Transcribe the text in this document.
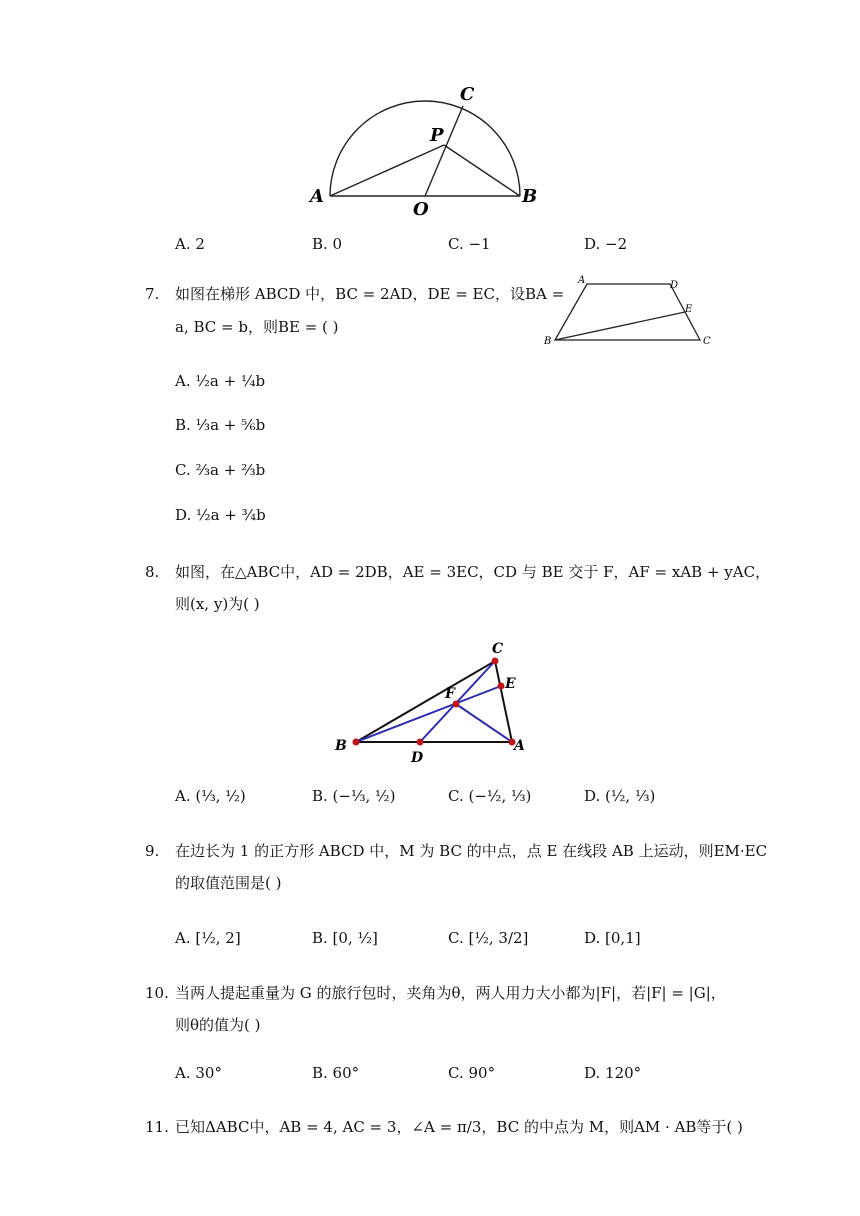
A	B
C
O
P
A. 2	B. 0	C. −1	D. −2
7. 如图在梯形 ABCD 中，BC = 2AD，DE = EC，设BA =
a, BC = b，则BE = ( )
A	D
E
B	C
A. ½a + ¼b
B. ⅓a + ⅚b
C. ⅔a + ⅔b
D. ½a + ¾b
8. 如图，在△ABC中，AD = 2DB，AE = 3EC，CD 与 BE 交于 F，AF = xAB + yAC，
则(x, y)为( )
A
B
C
D
E
F
A. (⅓, ½)	B. (−⅓, ½)	C. (−½, ⅓)	D. (½, ⅓)
9. 在边长为 1 的正方形 ABCD 中，M 为 BC 的中点，点 E 在线段 AB 上运动，则EM·EC
的取值范围是( )
A. [½, 2]	B. [0, ½]	C. [½, 3/2]	D. [0,1]
10. 当两人提起重量为 G 的旅行包时，夹角为θ，两人用力大小都为|F|，若|F| = |G|，
则θ的值为( )
A. 30°	B. 60°	C. 90°	D. 120°
11. 已知ΔABC中，AB = 4, AC = 3，∠A = π/3，BC 的中点为 M，则AM · AB等于( )
